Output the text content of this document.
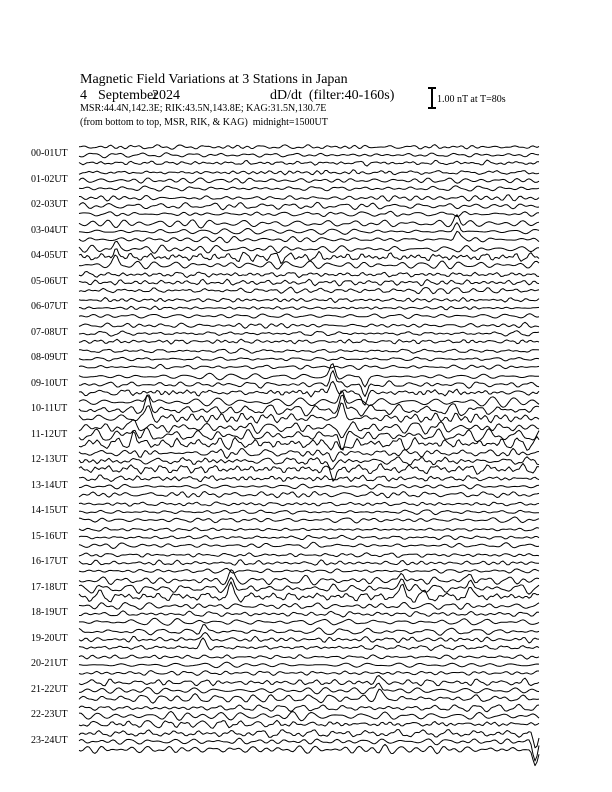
Magnetic Field Variations at 3 Stations in Japan
4 September
2024	dD/dt  (filter:40-160s)
MSR:44.4N,142.3E; RIK:43.5N,143.8E; KAG:31.5N,130.7E
(from bottom to top, MSR, RIK, & KAG)  midnight=1500UT
1.00 nT at T=80s
00-01UT
01-02UT
02-03UT
03-04UT
04-05UT
05-06UT
06-07UT
07-08UT
08-09UT
09-10UT
10-11UT
11-12UT
12-13UT
13-14UT
14-15UT
15-16UT
16-17UT
17-18UT
18-19UT
19-20UT
20-21UT
21-22UT
22-23UT
23-24UT
